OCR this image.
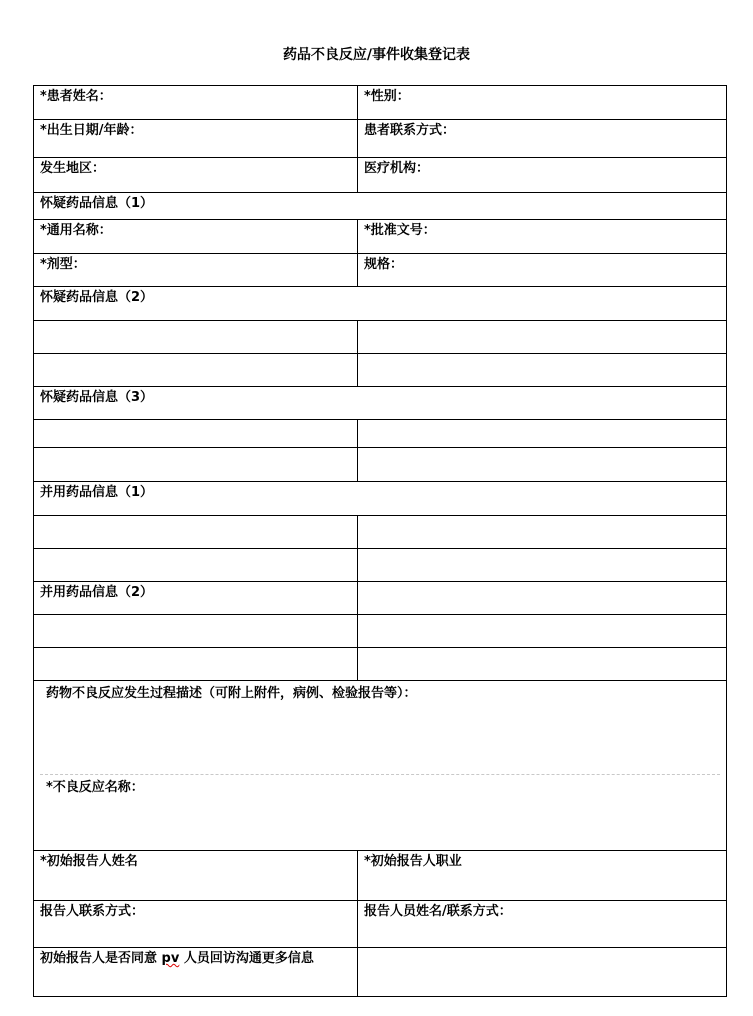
药品不良反应/事件收集登记表
*患者姓名：	*性别：
*出生日期/年龄：	患者联系方式：
发生地区：	医疗机构：
怀疑药品信息（1）	
*通用名称：	*批准文号：
*剂型：	规格：
怀疑药品信息（2）	

怀疑药品信息（3）	

并用药品信息（1）	

并用药品信息（2）	

药物不良反应发生过程描述（可附上附件，病例、检验报告等）：
*不良反应名称：	

*初始报告人姓名	*初始报告人职业
报告人联系方式：	报告人员姓名/联系方式：
初始报告人是否同意 pv 人员回访沟通更多信息	
